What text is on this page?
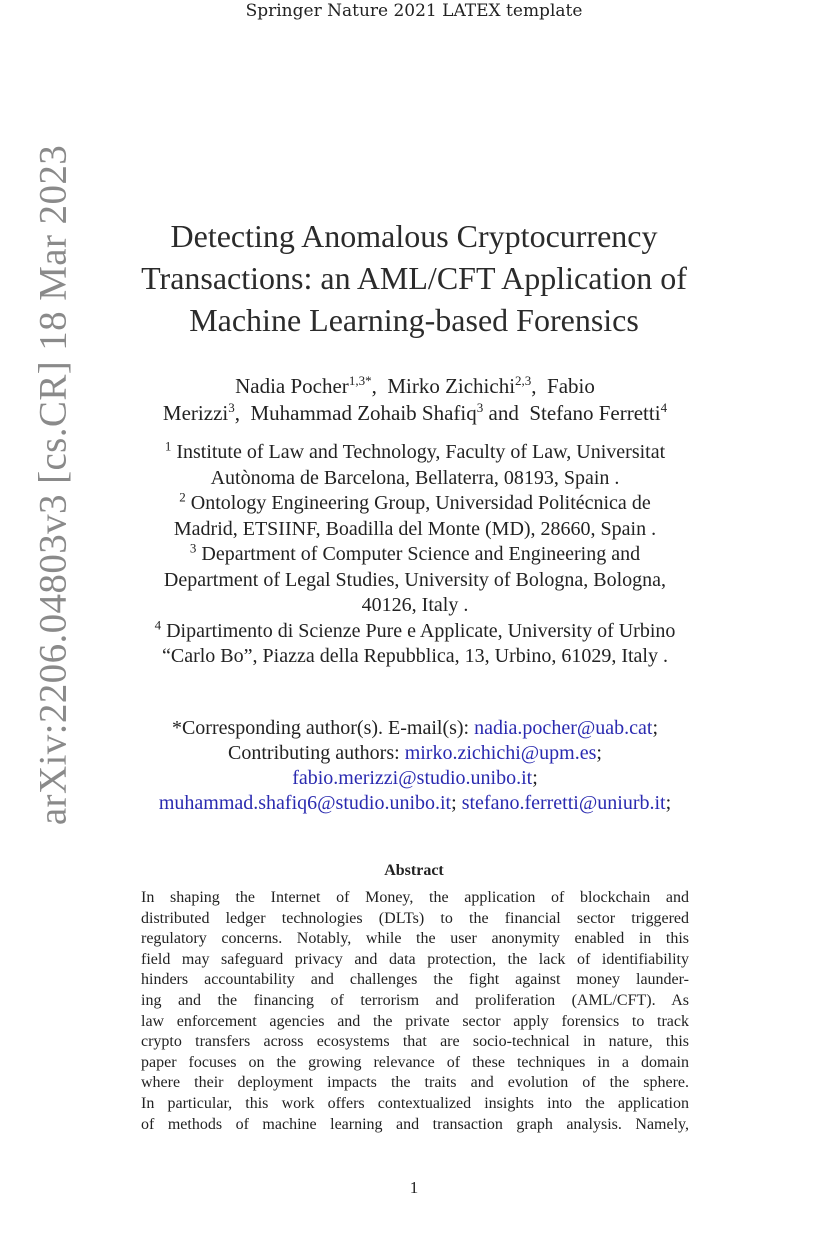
Springer Nature 2021 LATEX template
arXiv:2206.04803v3 [cs.CR] 18 Mar 2023	Detecting Anomalous Cryptocurrency
Transactions: an AML/CFT Application of
Machine Learning-based Forensics
Nadia Pocher$^{1,3*}$,  Mirko Zichichi$^{2,3}$,  Fabio
Merizzi$^3$,  Muhammad Zohaib Shafiq$^3$ and Stefano Ferretti$^4$
$^1$ Institute of Law and Technology, Faculty of Law, Universitat
Autònoma de Barcelona, Bellaterra, 08193, Spain .
$^2$ Ontology Engineering Group, Universidad Politécnica de
Madrid, ETSIINF, Boadilla del Monte (MD), 28660, Spain .
$^3$ Department of Computer Science and Engineering and
Department of Legal Studies, University of Bologna, Bologna,
40126, Italy .
$^4$ Dipartimento di Scienze Pure e Applicate, University of Urbino
“Carlo Bo”, Piazza della Repubblica, 13, Urbino, 61029, Italy .
*Corresponding author(s). E-mail(s): nadia.pocher@uab.cat;
Contributing authors: mirko.zichichi@upm.es;
fabio.merizzi@studio.unibo.it;
muhammad.shafiq6@studio.unibo.it; stefano.ferretti@uniurb.it;
Abstract
In shaping the Internet of Money, the application of blockchain and
distributed ledger technologies (DLTs) to the financial sector triggered
regulatory concerns. Notably, while the user anonymity enabled in this
field may safeguard privacy and data protection, the lack of identifiability
hinders accountability and challenges the fight against money launder-
ing and the financing of terrorism and proliferation (AML/CFT). As
law enforcement agencies and the private sector apply forensics to track
crypto transfers across ecosystems that are socio-technical in nature, this
paper focuses on the growing relevance of these techniques in a domain
where their deployment impacts the traits and evolution of the sphere.
In particular, this work offers contextualized insights into the application
of methods of machine learning and transaction graph analysis. Namely,
1
